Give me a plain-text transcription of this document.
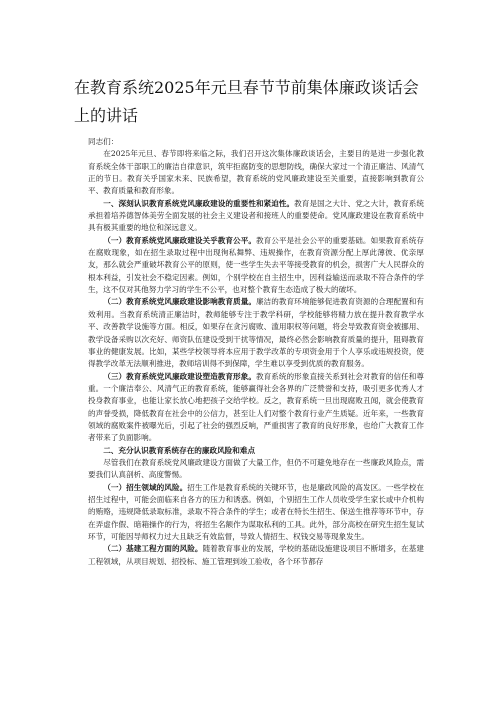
在教育系统2025年元旦春节节前集体廉政谈话会上的讲话

同志们：

在2025年元旦、春节即将来临之际，我们召开这次集体廉政谈话会，主要目的是进一步强化教育系统全体干部职工的廉洁自律意识，筑牢拒腐防变的思想防线，确保大家过一个清正廉洁、风清气正的节日。教育关乎国家未来、民族希望，教育系统的党风廉政建设至关重要，直接影响到教育公平、教育质量和教育形象。

一、深刻认识教育系统党风廉政建设的重要性和紧迫性。教育是国之大计、党之大计，教育系统承担着培养德智体美劳全面发展的社会主义建设者和接班人的重要使命。党风廉政建设在教育系统中具有极其重要的地位和深远意义。

（一）教育系统党风廉政建设关乎教育公平。教育公平是社会公平的重要基础。如果教育系统存在腐败现象，如在招生录取过程中出现徇私舞弊、违规操作，在教育资源分配上厚此薄彼、优亲厚友，那么就会严重破坏教育公平的原则，使一些学生失去平等接受教育的机会，损害广大人民群众的根本利益，引发社会不稳定因素。例如，个别学校在自主招生中，因利益输送而录取不符合条件的学生，这不仅对其他努力学习的学生不公平，也对整个教育生态造成了极大的破坏。

（二）教育系统党风廉政建设影响教育质量。廉洁的教育环境能够促进教育资源的合理配置和有效利用。当教育系统清正廉洁时，教师能够专注于教学科研，学校能够将精力放在提升教育教学水平、改善教学设施等方面。相反，如果存在贪污腐败、滥用职权等问题，将会导致教育资金被挪用、教学设备采购以次充好、师资队伍建设受到干扰等情况，最终必然会影响教育质量的提升，阻碍教育事业的健康发展。比如，某些学校领导将本应用于教学改革的专项资金用于个人享乐或违规投资，使得教学改革无法顺利推进，教师培训得不到保障，学生难以享受到优质的教育服务。

（三）教育系统党风廉政建设塑造教育形象。教育系统的形象直接关系到社会对教育的信任和尊重。一个廉洁奉公、风清气正的教育系统，能够赢得社会各界的广泛赞誉和支持，吸引更多优秀人才投身教育事业，也能让家长放心地把孩子交给学校。反之，教育系统一旦出现腐败丑闻，就会使教育的声誉受损，降低教育在社会中的公信力，甚至让人们对整个教育行业产生质疑。近年来，一些教育领域的腐败案件被曝光后，引起了社会的强烈反响，严重损害了教育的良好形象，也给广大教育工作者带来了负面影响。

二、充分认识教育系统存在的廉政风险和难点

尽管我们在教育系统党风廉政建设方面做了大量工作，但仍不可避免地存在一些廉政风险点，需要我们认真剖析、高度警惕。

（一）招生领域的风险。招生工作是教育系统的关键环节，也是廉政风险的高发区。一些学校在招生过程中，可能会面临来自各方的压力和诱惑。例如，个别招生工作人员收受学生家长或中介机构的贿赂，违规降低录取标准，录取不符合条件的学生；或者在特长生招生、保送生推荐等环节中，存在弄虚作假、暗箱操作的行为，将招生名额作为谋取私利的工具。此外，部分高校在研究生招生复试环节，可能因导师权力过大且缺乏有效监督，导致人情招生、权钱交易等现象发生。

（二）基建工程方面的风险。随着教育事业的发展，学校的基础设施建设项目不断增多，在基建工程领域，从项目规划、招投标、施工管理到竣工验收，各个环节都存
